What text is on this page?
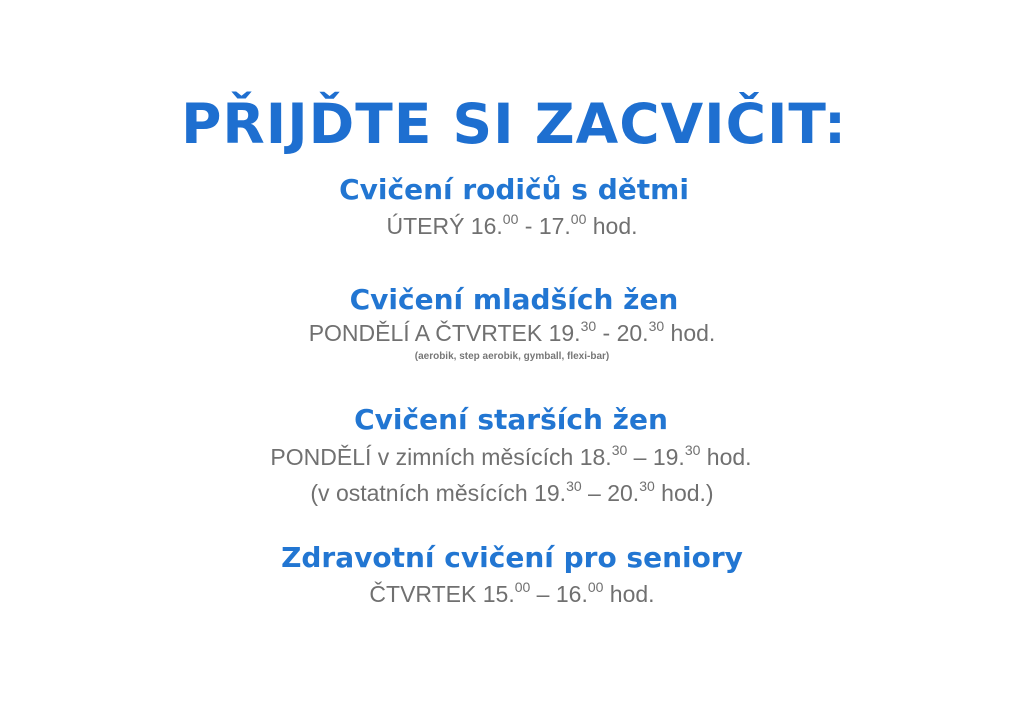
PŘIJĎTE SI ZACVIČIT:
Cvičení rodičů s dětmi
ÚTERÝ 16.00 - 17.00 hod.
Cvičení mladších žen
PONDĚLÍ A ČTVRTEK 19.30 - 20.30 hod.
(aerobik, step aerobik, gymball, flexi-bar)
Cvičení starších žen
PONDĚLÍ v zimních měsících 18.30 – 19.30 hod.
(v ostatních měsících 19.30 – 20.30 hod.)
Zdravotní cvičení pro seniory
ČTVRTEK 15.00 – 16.00 hod.
